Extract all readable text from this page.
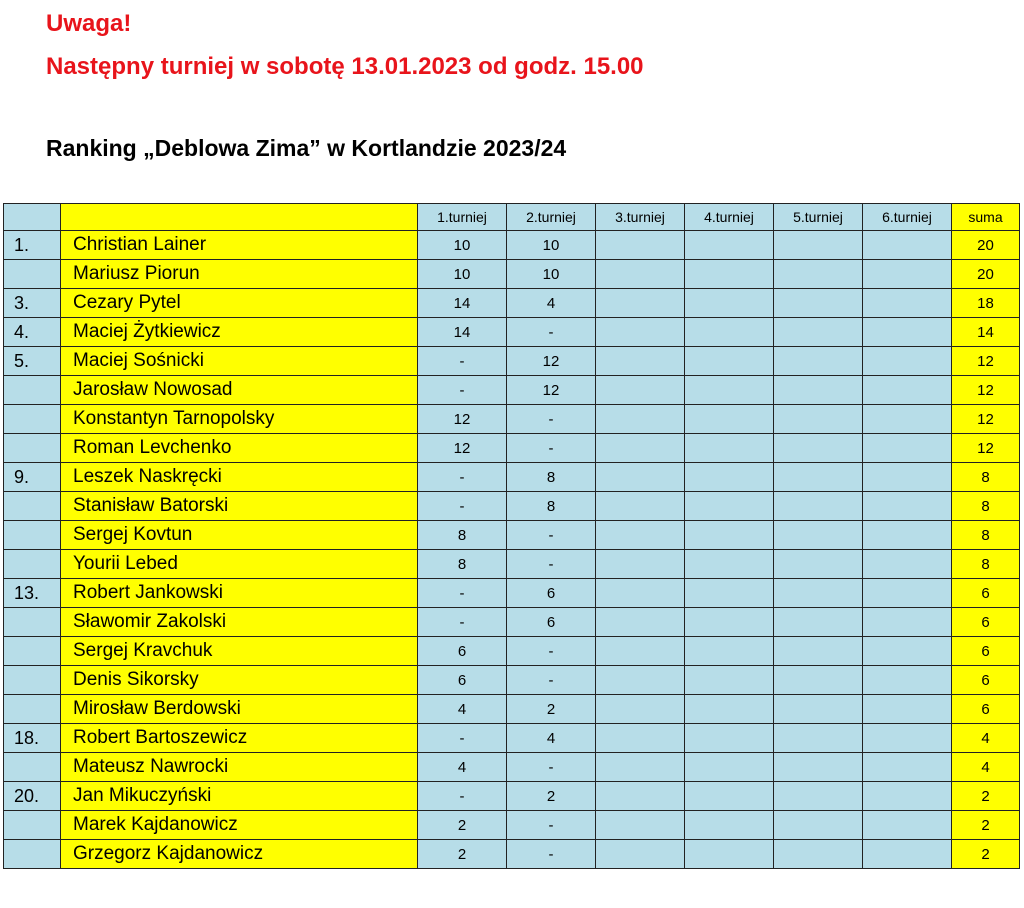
Uwaga!
Następny turniej w sobotę 13.01.2023 od godz. 15.00
Ranking „Deblowa Zima” w Kortlandzie 2023/24
		1.turniej	2.turniej	3.turniej	4.turniej	5.turniej	6.turniej	suma
1.	Christian Lainer	10	10					20
	Mariusz Piorun	10	10					20
3.	Cezary Pytel	14	4					18
4.	Maciej Żytkiewicz	14	-					14
5.	Maciej Sośnicki	-	12					12
	Jarosław Nowosad	-	12					12
	Konstantyn Tarnopolsky	12	-					12
	Roman Levchenko	12	-					12
9.	Leszek Naskręcki	-	8					8
	Stanisław Batorski	-	8					8
	Sergej Kovtun	8	-					8
	Yourii Lebed	8	-					8
13.	Robert Jankowski	-	6					6
	Sławomir Zakolski	-	6					6
	Sergej Kravchuk	6	-					6
	Denis Sikorsky	6	-					6
	Mirosław Berdowski	4	2					6
18.	Robert Bartoszewicz	-	4					4
	Mateusz Nawrocki	4	-					4
20.	Jan Mikuczyński	-	2					2
	Marek Kajdanowicz	2	-					2
	Grzegorz Kajdanowicz	2	-					2
